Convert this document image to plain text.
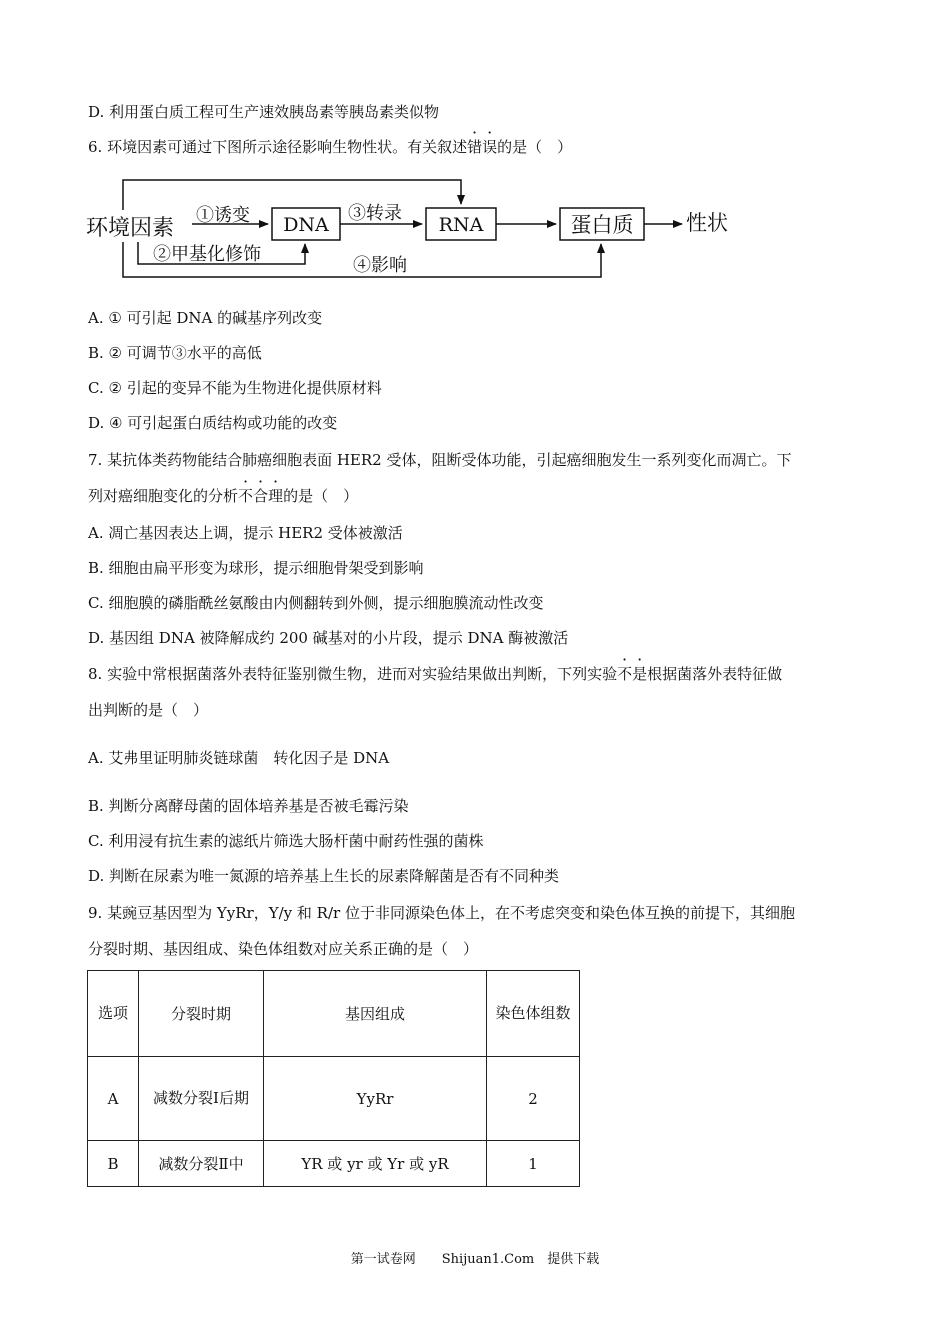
D. 利用蛋白质工程可生产速效胰岛素等胰岛素类似物
6. 环境因素可通过下图所示途径影响生物性状。有关叙述错误的是（　）
环境因素
①诱变 DNA
③转录
RNA	蛋白质	性状
②甲基化修饰
④影响
A. ① 可引起 DNA 的碱基序列改变
B. ② 可调节③水平的高低
C. ② 引起的变异不能为生物进化提供原材料
D. ④ 可引起蛋白质结构或功能的改变
7. 某抗体类药物能结合肺癌细胞表面 HER2 受体，阻断受体功能，引起癌细胞发生一系列变化而凋亡。下
列对癌细胞变化的分析不合理的是（　）
A. 凋亡基因表达上调，提示 HER2 受体被激活
B. 细胞由扁平形变为球形，提示细胞骨架受到影响
C. 细胞膜的磷脂酰丝氨酸由内侧翻转到外侧，提示细胞膜流动性改变
D. 基因组 DNA 被降解成约 200 碱基对的小片段，提示 DNA 酶被激活
8. 实验中常根据菌落外表特征鉴别微生物，进而对实验结果做出判断，下列实验不是根据菌落外表特征做
出判断的是（　）
A. 艾弗里证明肺炎链球菌　转化因子是 DNA
B. 判断分离酵母菌的固体培养基是否被毛霉污染
C. 利用浸有抗生素的滤纸片筛选大肠杆菌中耐药性强的菌株
D. 判断在尿素为唯一氮源的培养基上生长的尿素降解菌是否有不同种类
9. 某豌豆基因型为 YyRr，Y/y 和 R/r 位于非同源染色体上，在不考虑突变和染色体互换的前提下，其细胞
分裂时期、基因组成、染色体组数对应关系正确的是（　）
选项	分裂时期	基因组成	染色体组数
A	减数分裂Ⅰ后期	YyRr	2
B	减数分裂Ⅱ中	YR 或 yr 或 Yr 或 yR	1
第一试卷网　　Shijuan1.Com　提供下载
